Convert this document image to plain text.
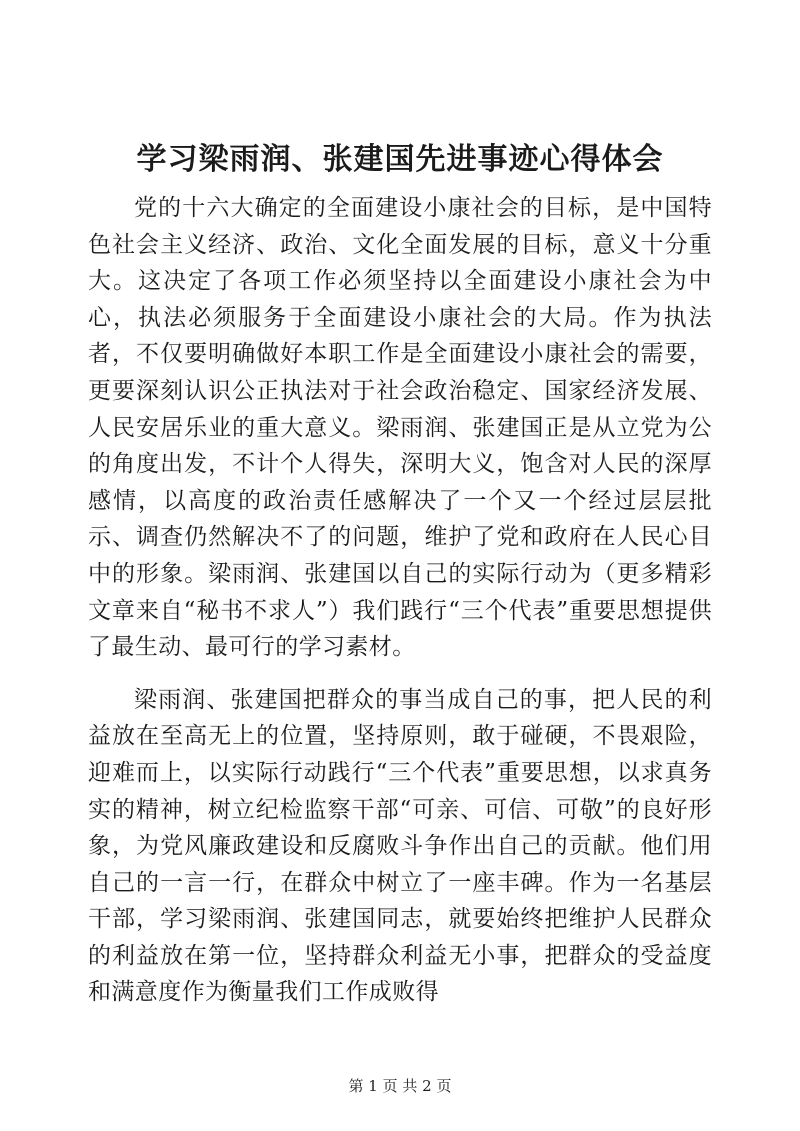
学习梁雨润、张建国先进事迹心得体会

党的十六大确定的全面建设小康社会的目标，是中国特色社会主义经济、政治、文化全面发展的目标，意义十分重大。这决定了各项工作必须坚持以全面建设小康社会为中心，执法必须服务于全面建设小康社会的大局。作为执法者，不仅要明确做好本职工作是全面建设小康社会的需要，更要深刻认识公正执法对于社会政治稳定、国家经济发展、人民安居乐业的重大意义。梁雨润、张建国正是从立党为公的角度出发，不计个人得失，深明大义，饱含对人民的深厚感情，以高度的政治责任感解决了一个又一个经过层层批示、调查仍然解决不了的问题，维护了党和政府在人民心目中的形象。梁雨润、张建国以自己的实际行动为（更多精彩文章来自“秘书不求人”）我们践行“三个代表”重要思想提供了最生动、最可行的学习素材。

梁雨润、张建国把群众的事当成自己的事，把人民的利益放在至高无上的位置，坚持原则，敢于碰硬，不畏艰险，迎难而上，以实际行动践行“三个代表”重要思想，以求真务实的精神，树立纪检监察干部“可亲、可信、可敬”的良好形象，为党风廉政建设和反腐败斗争作出自己的贡献。他们用自己的一言一行，在群众中树立了一座丰碑。作为一名基层干部，学习梁雨润、张建国同志，就要始终把维护人民群众的利益放在第一位，坚持群众利益无小事，把群众的受益度和满意度作为衡量我们工作成败得

第 1 页 共 2 页
